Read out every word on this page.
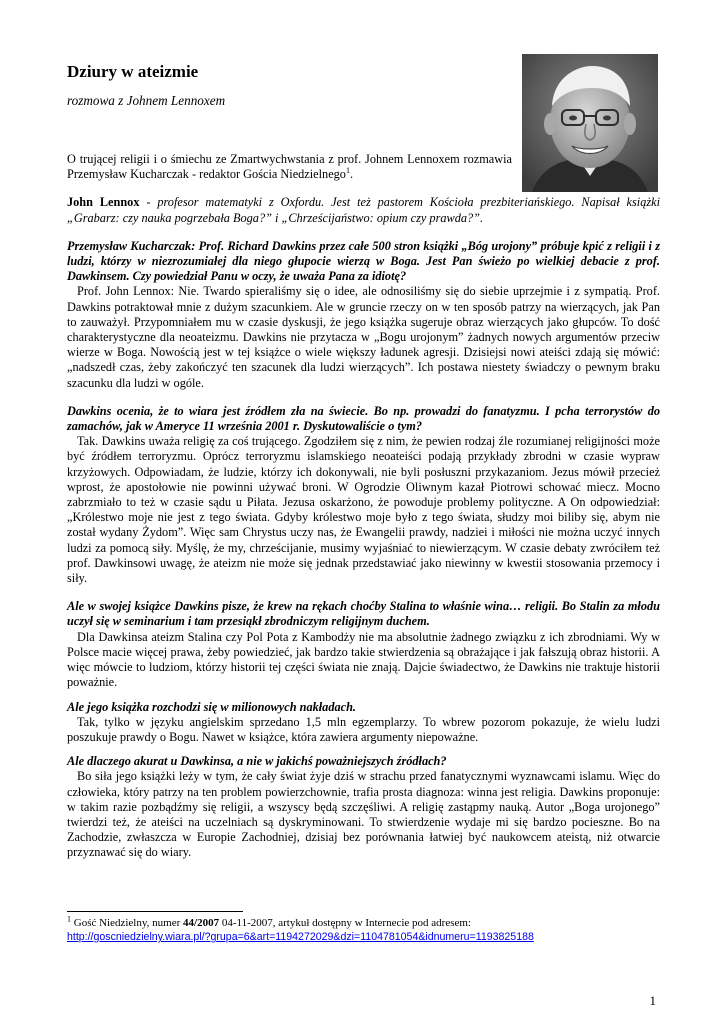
Dziury w ateizmie

rozmowa z Johnem Lennoxem

O trującej religii i o śmiechu ze Zmartwychwstania z prof. Johnem Lennoxem rozmawia Przemysław Kucharczak - redaktor Gościa Niedzielnego$^1$.

John Lennox - profesor matematyki z Oxfordu. Jest też pastorem Kościoła prezbiteriańskiego. Napisał książki „Grabarz: czy nauka pogrzebała Boga?” i „Chrześcijaństwo: opium czy prawda?”.

Przemysław Kucharczak: Prof. Richard Dawkins przez całe 500 stron książki „Bóg urojony” próbuje kpić z religii i z ludzi, którzy w niezrozumiałej dla niego głupocie wierzą w Boga. Jest Pan świeżo po wielkiej debacie z prof. Dawkinsem. Czy powiedział Panu w oczy, że uważa Pana za idiotę?

Prof. John Lennox: Nie. Twardo spieraliśmy się o idee, ale odnosiliśmy się do siebie uprzejmie i z sympatią. Prof. Dawkins potraktował mnie z dużym szacunkiem. Ale w gruncie rzeczy on w ten sposób patrzy na wierzących, jak Pan to zauważył. Przypomniałem mu w czasie dyskusji, że jego książka sugeruje obraz wierzących jako głupców. To dość charakterystyczne dla neoateizmu. Dawkins nie przytacza w „Bogu urojonym” żadnych nowych argumentów przeciw wierze w Boga. Nowością jest w tej książce o wiele większy ładunek agresji. Dzisiejsi nowi ateiści zdają się mówić: „nadszedł czas, żeby zakończyć ten szacunek dla ludzi wierzących”. Ich postawa niestety świadczy o pewnym braku szacunku dla ludzi w ogóle.

Dawkins ocenia, że to wiara jest źródłem zła na świecie. Bo np. prowadzi do fanatyzmu. I pcha terrorystów do zamachów, jak w Ameryce 11 września 2001 r. Dyskutowaliście o tym?

Tak. Dawkins uważa religię za coś trującego. Zgodziłem się z nim, że pewien rodzaj źle rozumianej religijności może być źródłem terroryzmu. Oprócz terroryzmu islamskiego neoateiści podają przykłady zbrodni w czasie wypraw krzyżowych. Odpowiadam, że ludzie, którzy ich dokonywali, nie byli posłuszni przykazaniom. Jezus mówił przecież wprost, że apostołowie nie powinni używać broni. W Ogrodzie Oliwnym kazał Piotrowi schować miecz. Mocno zabrzmiało to też w czasie sądu u Piłata. Jezusa oskarżono, że powoduje problemy polityczne. A On odpowiedział: „Królestwo moje nie jest z tego świata. Gdyby królestwo moje było z tego świata, słudzy moi biliby się, abym nie został wydany Żydom”. Więc sam Chrystus uczy nas, że Ewangelii prawdy, nadziei i miłości nie można uczyć innych ludzi za pomocą siły. Myślę, że my, chrześcijanie, musimy wyjaśniać to niewierzącym. W czasie debaty zwróciłem też prof. Dawkinsowi uwagę, że ateizm nie może się jednak przedstawiać jako niewinny w kwestii stosowania przemocy i siły.

Ale w swojej książce Dawkins pisze, że krew na rękach choćby Stalina to właśnie wina… religii. Bo Stalin za młodu uczył się w seminarium i tam przesiąkł zbrodniczym religijnym duchem.

Dla Dawkinsa ateizm Stalina czy Pol Pota z Kambodży nie ma absolutnie żadnego związku z ich zbrodniami. Wy w Polsce macie więcej prawa, żeby powiedzieć, jak bardzo takie stwierdzenia są obrażające i jak fałszują obraz historii. A więc mówcie to ludziom, którzy historii tej części świata nie znają. Dajcie świadectwo, że Dawkins nie traktuje historii poważnie.

Ale jego książka rozchodzi się w milionowych nakładach.

Tak, tylko w języku angielskim sprzedano 1,5 mln egzemplarzy. To wbrew pozorom pokazuje, że wielu ludzi poszukuje prawdy o Bogu. Nawet w książce, która zawiera argumenty niepoważne.

Ale dlaczego akurat u Dawkinsa, a nie w jakichś poważniejszych źródłach?

Bo siła jego książki leży w tym, że cały świat żyje dziś w strachu przed fanatycznymi wyznawcami islamu. Więc do człowieka, który patrzy na ten problem powierzchownie, trafia prosta diagnoza: winna jest religia. Dawkins proponuje: w takim razie pozbądźmy się religii, a wszyscy będą szczęśliwi. A religię zastąpmy nauką. Autor „Boga urojonego” twierdzi też, że ateiści na uczelniach są dyskryminowani. To stwierdzenie wydaje mi się bardzo pocieszne. Bo na Zachodzie, zwłaszcza w Europie Zachodniej, dzisiaj bez porównania łatwiej być naukowcem ateistą, niż otwarcie przyznawać się do wiary.

$^1$ Gość Niedzielny, numer 44/2007 04-11-2007, artykuł dostępny w Internecie pod adresem:
http://goscniedzielny.wiara.pl/?grupa=6&art=1194272029&dzi=1104781054&idnumeru=1193825188
1
